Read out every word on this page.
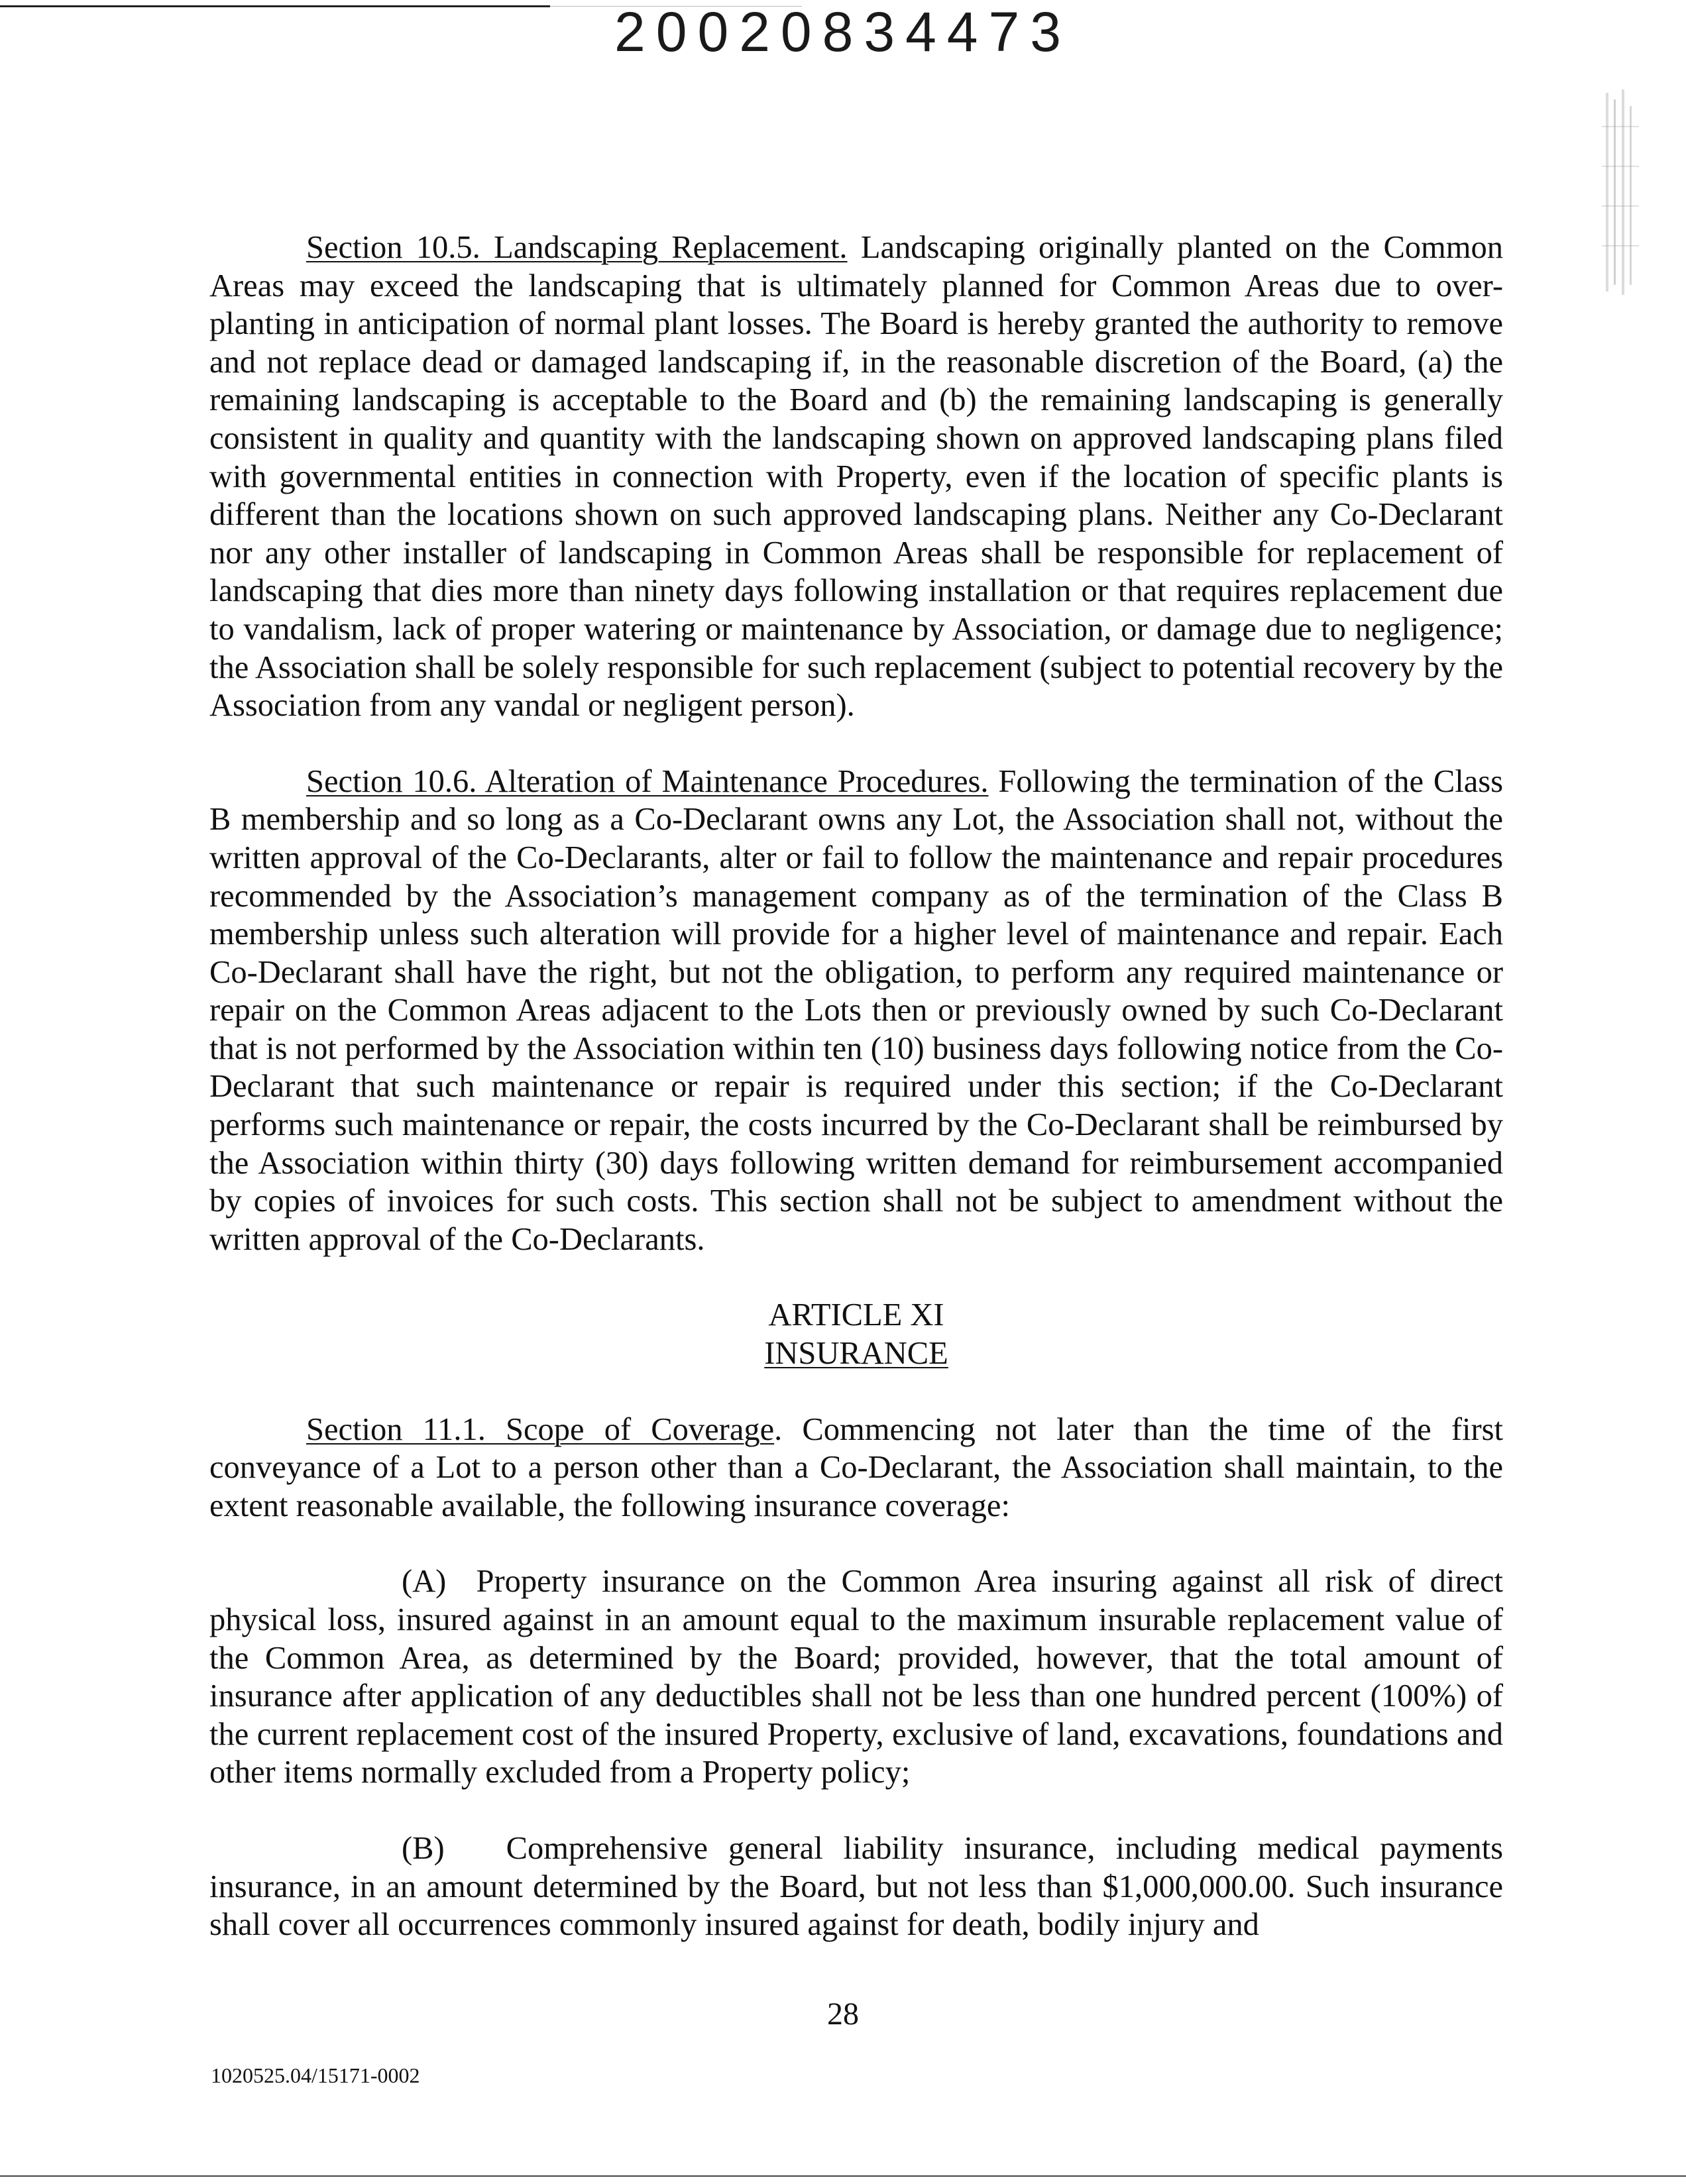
20020834473

Section 10.5. Landscaping Replacement. Landscaping originally planted on the Common Areas may exceed the landscaping that is ultimately planned for Common Areas due to over-planting in anticipation of normal plant losses. The Board is hereby granted the authority to remove and not replace dead or damaged landscaping if, in the reasonable discretion of the Board, (a) the remaining landscaping is acceptable to the Board and (b) the remaining landscaping is generally consistent in quality and quantity with the landscaping shown on approved landscaping plans filed with governmental entities in connection with Property, even if the location of specific plants is different than the locations shown on such approved landscaping plans. Neither any Co-Declarant nor any other installer of landscaping in Common Areas shall be responsible for replacement of landscaping that dies more than ninety days following installation or that requires replacement due to vandalism, lack of proper watering or maintenance by Association, or damage due to negligence; the Association shall be solely responsible for such replacement (subject to potential recovery by the Association from any vandal or negligent person).

Section 10.6. Alteration of Maintenance Procedures. Following the termination of the Class B membership and so long as a Co-Declarant owns any Lot, the Association shall not, without the written approval of the Co-Declarants, alter or fail to follow the maintenance and repair procedures recommended by the Association’s management company as of the termination of the Class B membership unless such alteration will provide for a higher level of maintenance and repair. Each Co-Declarant shall have the right, but not the obligation, to perform any required maintenance or repair on the Common Areas adjacent to the Lots then or previously owned by such Co-Declarant that is not performed by the Association within ten (10) business days following notice from the Co-Declarant that such maintenance or repair is required under this section; if the Co-Declarant performs such maintenance or repair, the costs incurred by the Co-Declarant shall be reimbursed by the Association within thirty (30) days following written demand for reimbursement accompanied by copies of invoices for such costs. This section shall not be subject to amendment without the written approval of the Co-Declarants.

ARTICLE XI

INSURANCE

Section 11.1. Scope of Coverage. Commencing not later than the time of the first conveyance of a Lot to a person other than a Co-Declarant, the Association shall maintain, to the extent reasonable available, the following insurance coverage:

(A) Property insurance on the Common Area insuring against all risk of direct physical loss, insured against in an amount equal to the maximum insurable replacement value of the Common Area, as determined by the Board; provided, however, that the total amount of insurance after application of any deductibles shall not be less than one hundred percent (100%) of the current replacement cost of the insured Property, exclusive of land, excavations, foundations and other items normally excluded from a Property policy;

(B) Comprehensive general liability insurance, including medical payments insurance, in an amount determined by the Board, but not less than $1,000,000.00. Such insurance shall cover all occurrences commonly insured against for death, bodily injury and

28
1020525.04/15171-0002
